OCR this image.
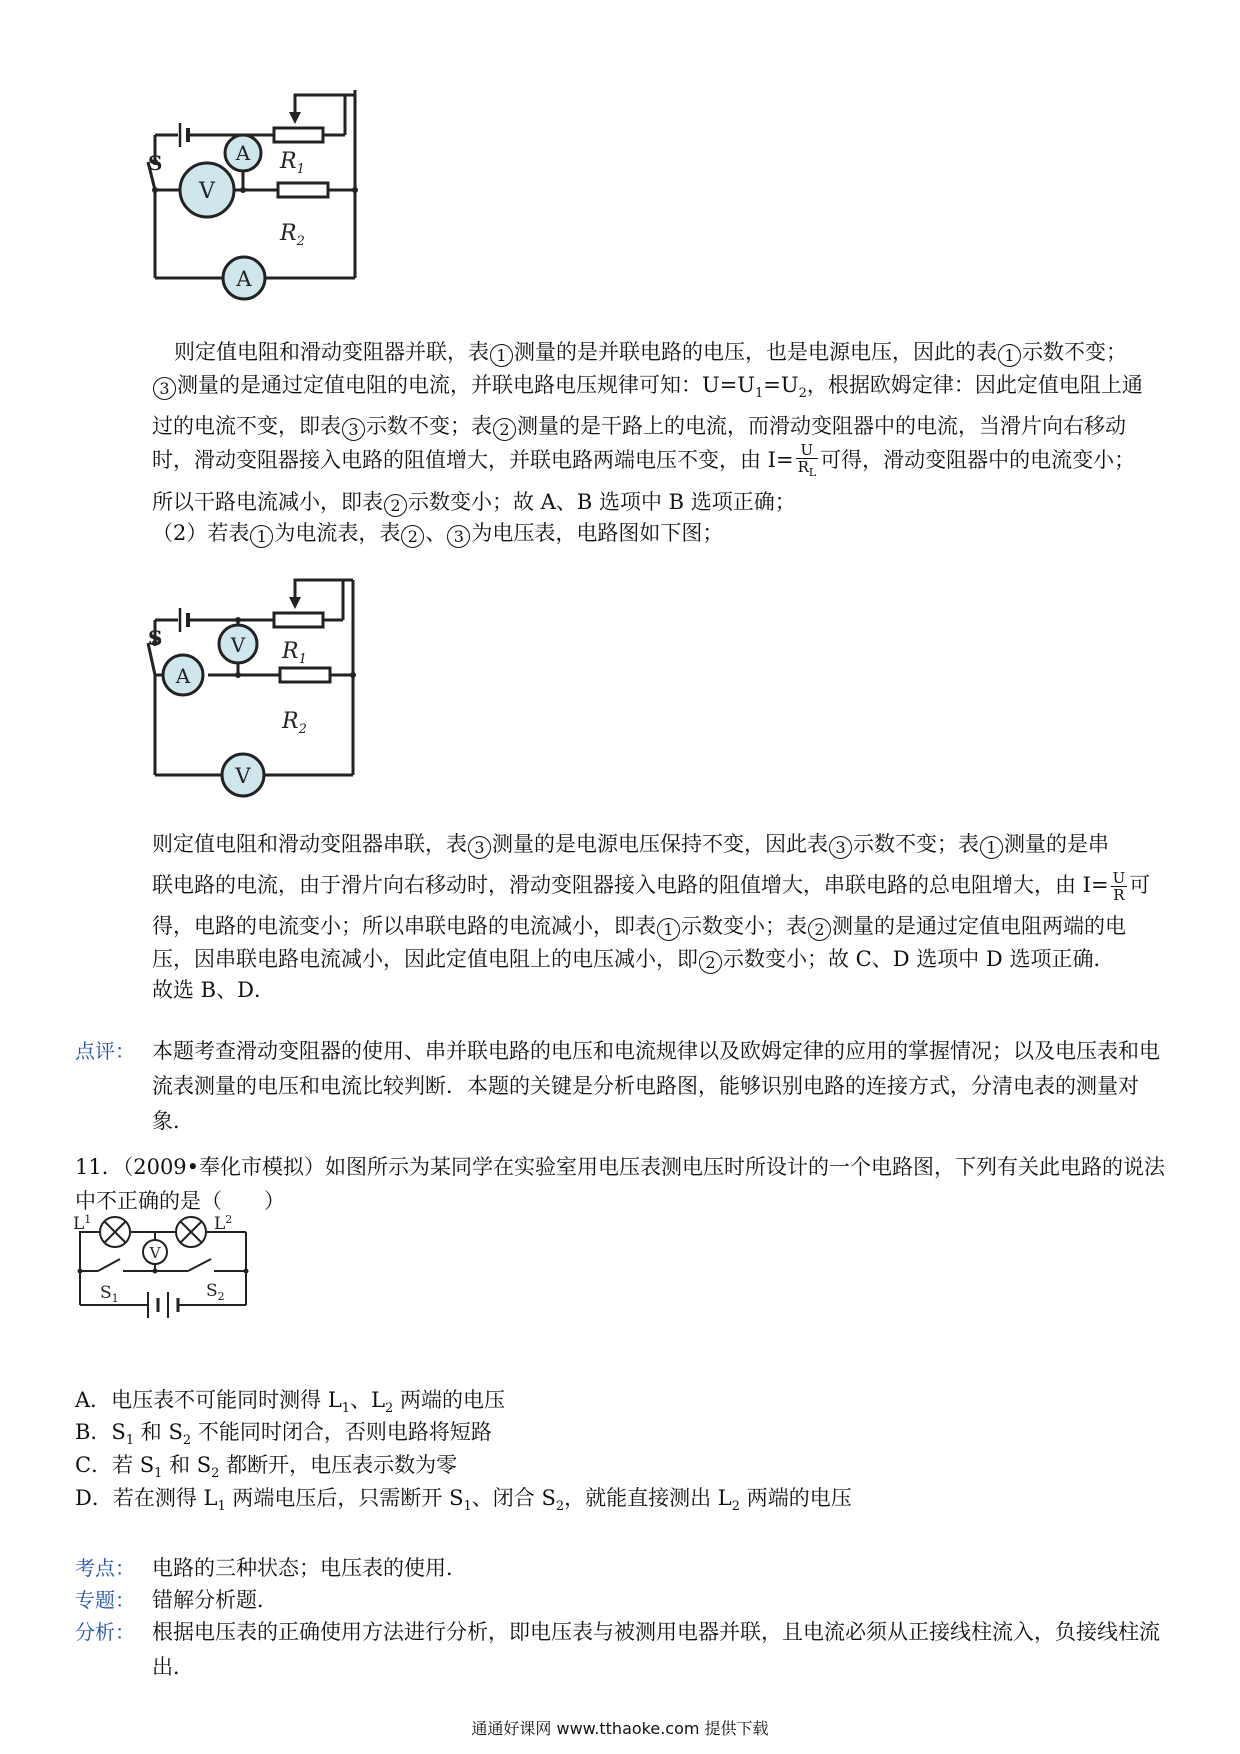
A
V
A
S	$R_1$
$R_2$
则定值电阻和滑动变阻器并联，表 1 测量的是并联电路的电压，也是电源电压，因此的表 1 示数不变；
3 测量的是通过定值电阻的电流，并联电路电压规律可知：$U=U_1=U_2$，根据欧姆定律：因此定值电阻上通
过的电流不变，即表 3 示数不变；表 2 测量的是干路上的电流，而滑动变阻器中的电流，当滑片向右移动
时，滑动变阻器接入电路的阻值增大，并联电路两端电压不变，由 $I= \frac{U}{R_L}$ 可得，滑动变阻器中的电流变小；
所以干路电流减小，即表 2 示数变小；故 A、B 选项中 B 选项正确；
（2）若表 1 为电流表，表 2 、 3 为电压表，电路图如下图；
V
A
V
S
$R_1$
$R_2$
则定值电阻和滑动变阻器串联，表 3 测量的是电源电压保持不变，因此表 3 示数不变；表 1 测量的是串
联电路的电流，由于滑片向右移动时，滑动变阻器接入电路的阻值增大，串联电路的总电阻增大，由 $I= \frac{U}{R}$ 可
得，电路的电流变小；所以串联电路的电流减小，即表 1 示数变小；表 2 测量的是通过定值电阻两端的电
压，因串联电路电流减小，因此定值电阻上的电压减小，即 2 示数变小；故 C、D 选项中 D 选项正确．
故选 B、D．
点评： 本题考查滑动变阻器的使用、串并联电路的电压和电流规律以及欧姆定律的应用的掌握情况；以及电压表和电流表测量的电压和电流比较判断．本题的关键是分析电路图，能够识别电路的连接方式，分清电表的测量对象．
11．（2009•奉化市模拟）如图所示为某同学在实验室用电压表测电压时所设计的一个电路图，下列有关此电路的说法中不正确的是（　　）
V
$L^1$	$L^2$
$S_1$	$S_2$
A．电压表不可能同时测得 $L_1$、$L_2$ 两端的电压
B．$S_1$ 和 $S_2$ 不能同时闭合，否则电路将短路
C．若 $S_1$ 和 $S_2$ 都断开，电压表示数为零
D．若在测得 $L_1$ 两端电压后，只需断开 $S_1$、闭合 $S_2$，就能直接测出 $L_2$ 两端的电压
考点： 电路的三种状态；电压表的使用．
专题： 错解分析题．
分析： 根据电压表的正确使用方法进行分析，即电压表与被测用电器并联，且电流必须从正接线柱流入，负接线柱流出．
通通好课网 www.tthaoke.com 提供下载
